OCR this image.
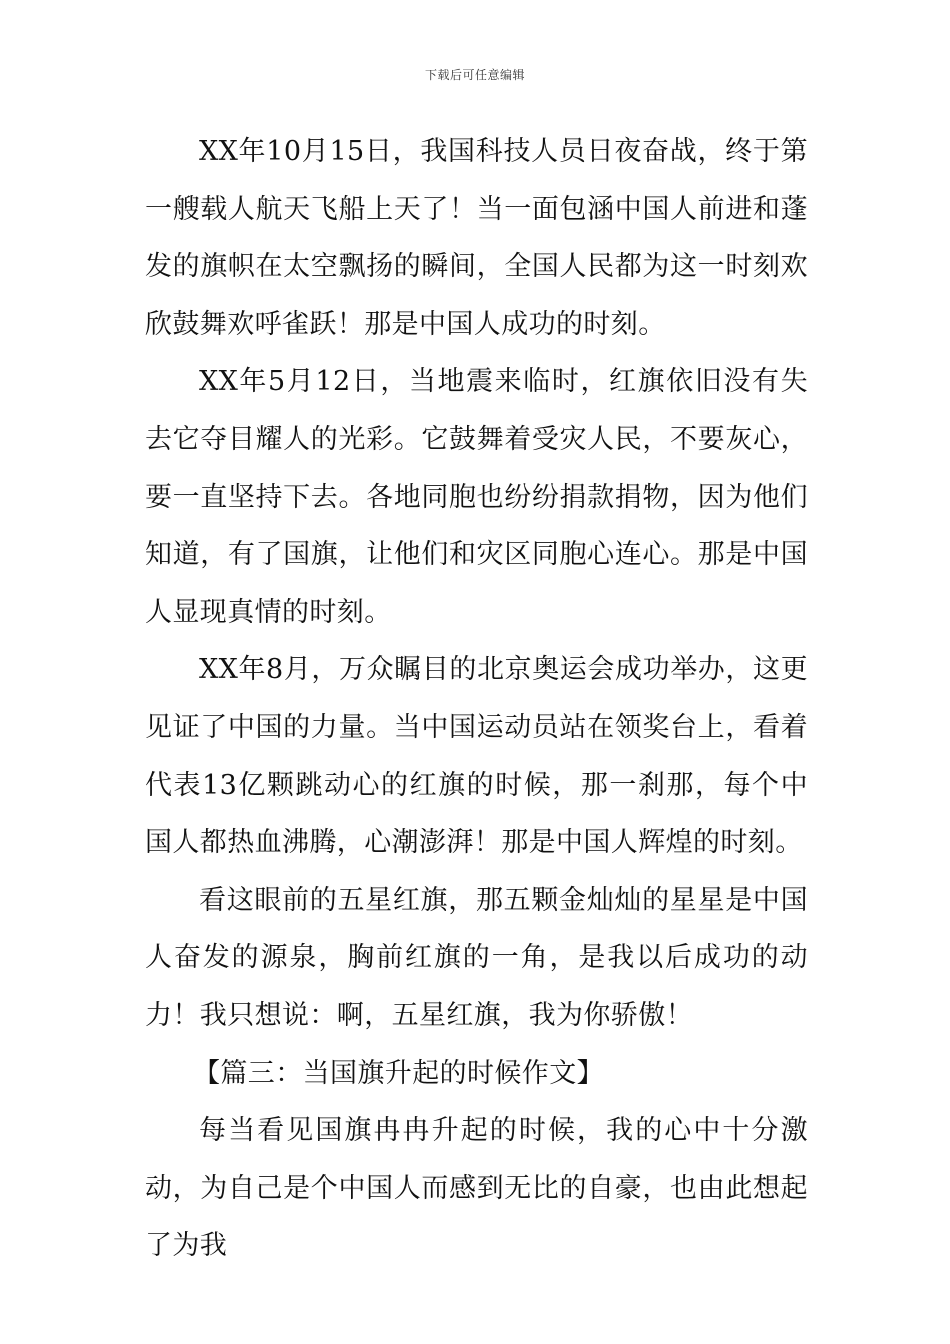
下载后可任意编辑

XX年10月15日，我国科技人员日夜奋战，终于第一艘载人航天飞船上天了！当一面包涵中国人前进和蓬发的旗帜在太空飘扬的瞬间，全国人民都为这一时刻欢欣鼓舞欢呼雀跃！那是中国人成功的时刻。

XX年5月12日，当地震来临时，红旗依旧没有失去它夺目耀人的光彩。它鼓舞着受灾人民，不要灰心，要一直坚持下去。各地同胞也纷纷捐款捐物，因为他们知道，有了国旗，让他们和灾区同胞心连心。那是中国人显现真情的时刻。

XX年8月，万众瞩目的北京奥运会成功举办，这更见证了中国的力量。当中国运动员站在领奖台上，看着代表13亿颗跳动心的红旗的时候，那一刹那，每个中国人都热血沸腾，心潮澎湃！那是中国人辉煌的时刻。

看这眼前的五星红旗，那五颗金灿灿的星星是中国人奋发的源泉，胸前红旗的一角，是我以后成功的动力！我只想说：啊，五星红旗，我为你骄傲！

【篇三：当国旗升起的时候作文】

每当看见国旗冉冉升起的时候，我的心中十分激动，为自己是个中国人而感到无比的自豪，也由此想起了为我
